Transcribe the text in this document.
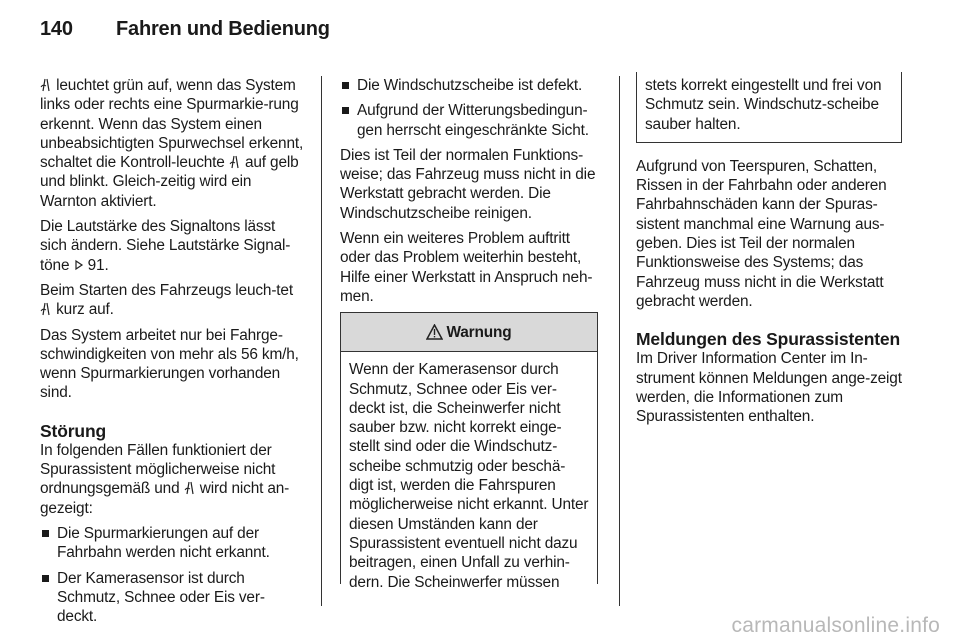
140 Fahren und Bedienung

leuchtet grün auf, wenn das System links oder rechts eine Spurmarkie-rung erkennt. Wenn das System einen unbeabsichtigten Spurwechsel erkennt, schaltet die Kontroll-leuchte
auf gelb und blinkt. Gleich-zeitig wird ein Warnton aktiviert.

Die Lautstärke des Signaltons lässt sich ändern. Siehe Lautstärke Signal-töne  91.

Beim Starten des Fahrzeugs leuch-tet
kurz auf.

Das System arbeitet nur bei Fahrge-schwindigkeiten von mehr als 56 km/h, wenn Spurmarkierungen vorhanden sind.

Störung

In folgenden Fällen funktioniert der Spurassistent möglicherweise nicht ordnungsgemäß und
wird nicht an-gezeigt:

Die Spurmarkierungen auf der Fahrbahn werden nicht erkannt.
Der Kamerasensor ist durch Schmutz, Schnee oder Eis ver-deckt.
Die Windschutzscheibe ist defekt.
Aufgrund der Witterungsbedingun-gen herrscht eingeschränkte Sicht.

Dies ist Teil der normalen Funktions-weise; das Fahrzeug muss nicht in die Werkstatt gebracht werden. Die Windschutzscheibe reinigen.

Wenn ein weiteres Problem auftritt oder das Problem weiterhin besteht, Hilfe einer Werkstatt in Anspruch neh-men.

Warnung
Wenn der Kamerasensor durch Schmutz, Schnee oder Eis ver-deckt ist, die Scheinwerfer nicht sauber bzw. nicht korrekt einge-stellt sind oder die Windschutz-scheibe schmutzig oder beschä-digt ist, werden die Fahrspuren möglicherweise nicht erkannt. Unter diesen Umständen kann der Spurassistent eventuell nicht dazu beitragen, einen Unfall zu verhin-dern. Die Scheinwerfer müssen
stets korrekt eingestellt und frei von Schmutz sein. Windschutz-scheibe sauber halten.

Aufgrund von Teerspuren, Schatten, Rissen in der Fahrbahn oder anderen Fahrbahnschäden kann der Spuras-sistent manchmal eine Warnung aus-geben. Dies ist Teil der normalen Funktionsweise des Systems; das Fahrzeug muss nicht in die Werkstatt gebracht werden.

Meldungen des Spurassistenten

Im Driver Information Center im In-strument können Meldungen ange-zeigt werden, die Informationen zum Spurassistenten enthalten.

carmanualsonline.info
